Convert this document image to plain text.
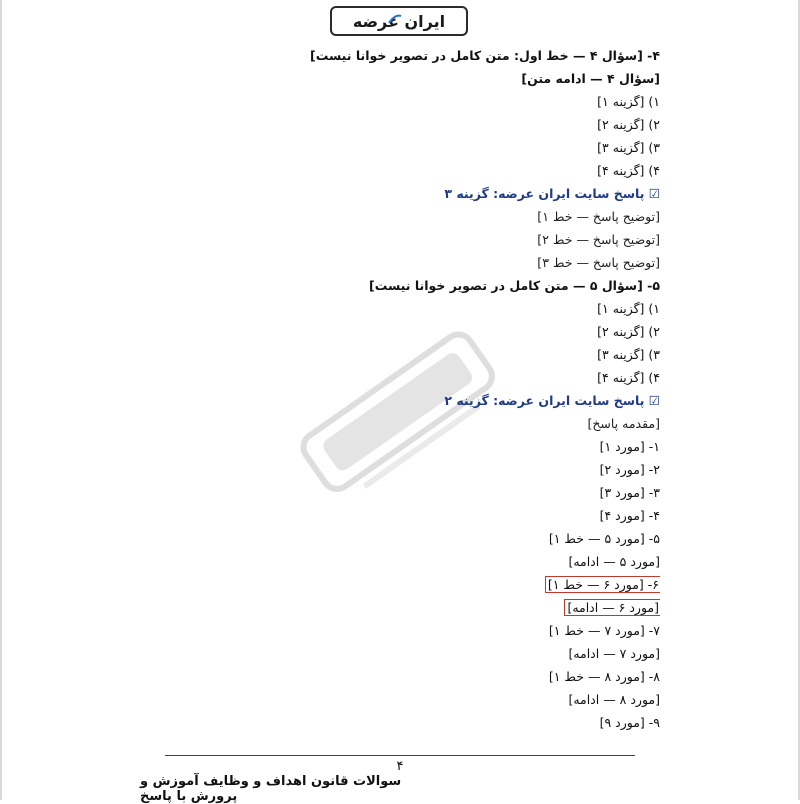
ایران عرضه
۴- [سؤال ۴ — خط اول: متن کامل در تصویر خوانا نیست]
[سؤال ۴ — ادامه متن]
۱) [گزینه ۱]
۲) [گزینه ۲]
۳) [گزینه ۳]
۴) [گزینه ۴]
☑ پاسخ سایت ایران عرضه: گزینه ۳
[توضیح پاسخ — خط ۱]
[توضیح پاسخ — خط ۲]
[توضیح پاسخ — خط ۳]
۵- [سؤال ۵ — متن کامل در تصویر خوانا نیست]
۱) [گزینه ۱]
۲) [گزینه ۲]
۳) [گزینه ۳]
۴) [گزینه ۴]
☑ پاسخ سایت ایران عرضه: گزینه ۲
[مقدمه پاسخ]
۱- [مورد ۱]
۲- [مورد ۲]
۳- [مورد ۳]
۴- [مورد ۴]
۵- [مورد ۵ — خط ۱]
[مورد ۵ — ادامه]
۶- [مورد ۶ — خط ۱]
[مورد ۶ — ادامه]
۷- [مورد ۷ — خط ۱]
[مورد ۷ — ادامه]
۸- [مورد ۸ — خط ۱]
[مورد ۸ — ادامه]
۹- [مورد ۹]
۴
سوالات قانون اهداف و وظایف آموزش و پرورش با پاسخ
